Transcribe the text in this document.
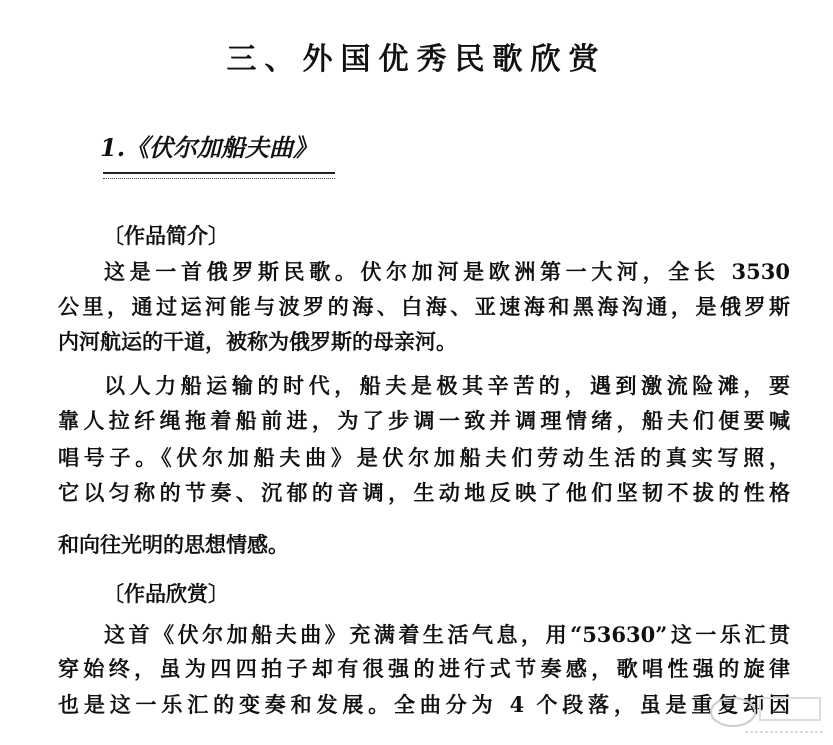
三、外国优秀民歌欣赏
1.《伏尔加船夫曲》
〔作品简介〕
这是一首俄罗斯民歌。伏尔加河是欧洲第一大河，全长 3530
公里，通过运河能与波罗的海、白海、亚速海和黑海沟通，是俄罗斯
内河航运的干道，被称为俄罗斯的母亲河。
以人力船运输的时代，船夫是极其辛苦的，遇到激流险滩，要
靠人拉纤绳拖着船前进，为了步调一致并调理情绪，船夫们便要喊
唱号子。《伏尔加船夫曲》是伏尔加船夫们劳动生活的真实写照，
它以匀称的节奏、沉郁的音调，生动地反映了他们坚韧不拔的性格
和向往光明的思想情感。
〔作品欣赏〕
这首《伏尔加船夫曲》充满着生活气息，用“53630”这一乐汇贯
穿始终，虽为四四拍子却有很强的进行式节奏感，歌唱性强的旋律
也是这一乐汇的变奏和发展。全曲分为 4 个段落，虽是重复却因
